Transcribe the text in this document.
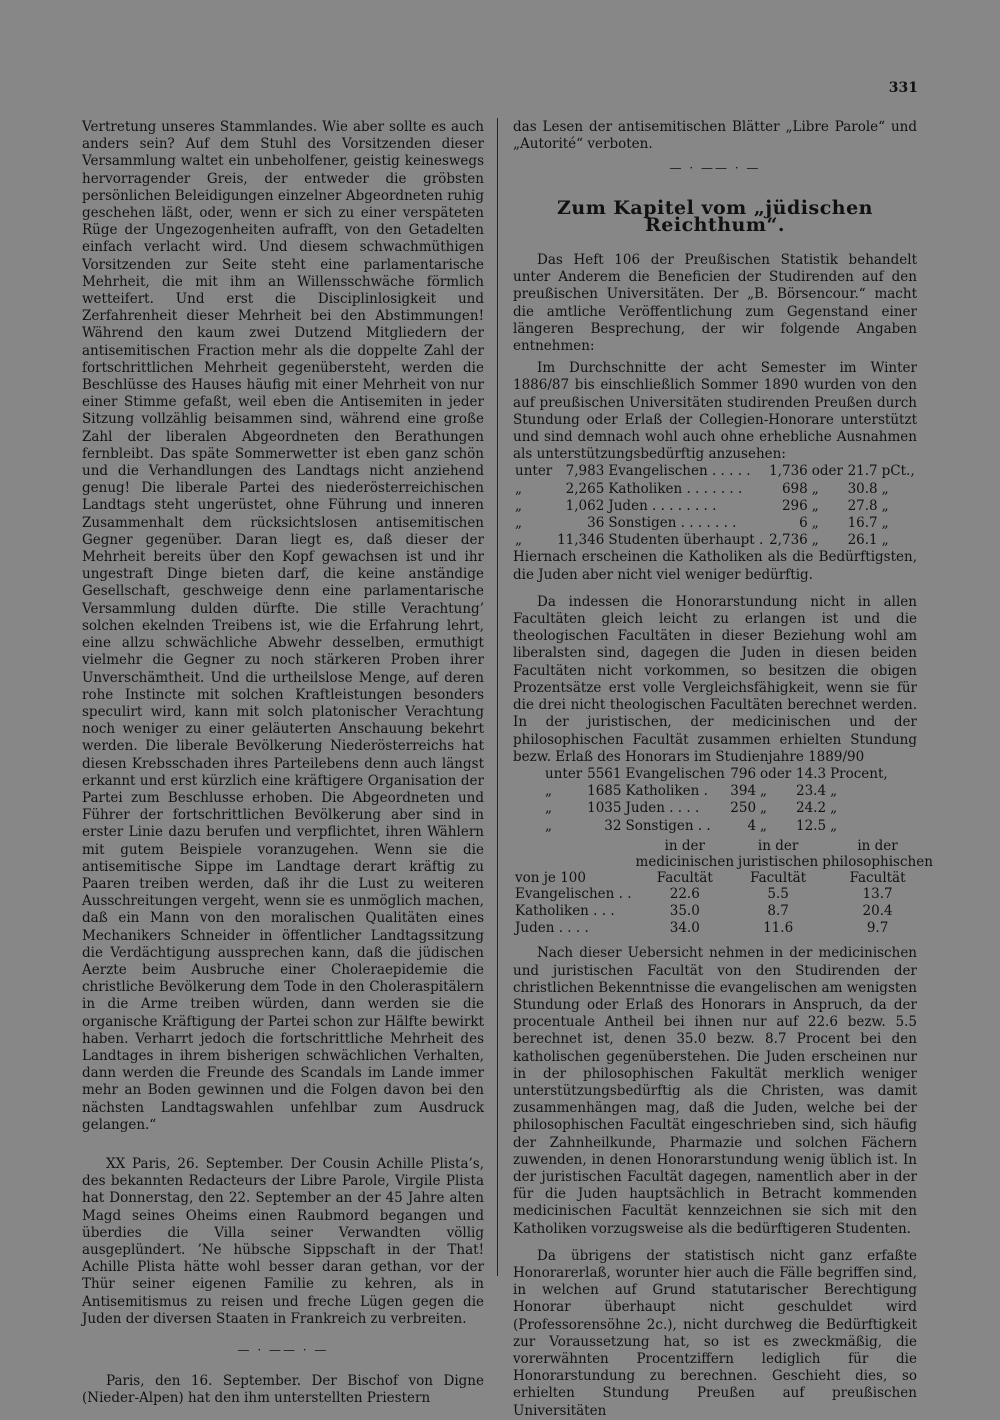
331

Vertretung unseres Stammlandes. Wie aber sollte es auch anders sein? Auf dem Stuhl des Vorsitzenden dieser Versammlung waltet ein unbeholfener, geistig keineswegs hervorragender Greis, der entweder die gröbsten persönlichen Beleidigungen einzelner Abgeordneten ruhig geschehen läßt, oder, wenn er sich zu einer verspäteten Rüge der Ungezogenheiten aufrafft, von den Getadelten einfach verlacht wird. Und diesem schwachmüthigen Vorsitzenden zur Seite steht eine parlamentarische Mehrheit, die mit ihm an Willensschwäche förmlich wetteifert. Und erst die Disciplinlosigkeit und Zerfahrenheit dieser Mehrheit bei den Abstimmungen! Während den kaum zwei Dutzend Mitgliedern der antisemitischen Fraction mehr als die doppelte Zahl der fortschrittlichen Mehrheit gegenübersteht, werden die Beschlüsse des Hauses häufig mit einer Mehrheit von nur einer Stimme gefaßt, weil eben die Antisemiten in jeder Sitzung vollzählig beisammen sind, während eine große Zahl der liberalen Abgeordneten den Berathungen fernbleibt. Das späte Sommerwetter ist eben ganz schön und die Verhandlungen des Landtags nicht anziehend genug! Die liberale Partei des niederösterreichischen Landtags steht ungerüstet, ohne Führung und inneren Zusammenhalt dem rücksichtslosen antisemitischen Gegner gegenüber. Daran liegt es, daß dieser der Mehrheit bereits über den Kopf gewachsen ist und ihr ungestraft Dinge bieten darf, die keine anständige Gesellschaft, geschweige denn eine parlamentarische Versammlung dulden dürfte. Die stille Verachtung’ solchen ekelnden Treibens ist, wie die Erfahrung lehrt, eine allzu schwächliche Abwehr desselben, ermuthigt vielmehr die Gegner zu noch stärkeren Proben ihrer Unverschämtheit. Und die urtheilslose Menge, auf deren rohe Instincte mit solchen Kraftleistungen besonders speculirt wird, kann mit solch platonischer Verachtung noch weniger zu einer geläuterten Anschauung bekehrt werden. Die liberale Bevölkerung Niederösterreichs hat diesen Krebsschaden ihres Parteilebens denn auch längst erkannt und erst kürzlich eine kräftigere Organisation der Partei zum Beschlusse erhoben. Die Abgeordneten und Führer der fortschrittlichen Bevölkerung aber sind in erster Linie dazu berufen und verpflichtet, ihren Wählern mit gutem Beispiele voranzugehen. Wenn sie die antisemitische Sippe im Landtage derart kräftig zu Paaren treiben werden, daß ihr die Lust zu weiteren Ausschreitungen vergeht, wenn sie es unmöglich machen, daß ein Mann von den moralischen Qualitäten eines Mechanikers Schneider in öffentlicher Landtagssitzung die Verdächtigung aussprechen kann, daß die jüdischen Aerzte beim Ausbruche einer Choleraepidemie die christliche Bevölkerung dem Tode in den Choleraspitälern in die Arme treiben würden, dann werden sie die organische Kräftigung der Partei schon zur Hälfte bewirkt haben. Verharrt jedoch die fortschrittliche Mehrheit des Landtages in ihrem bisherigen schwächlichen Verhalten, dann werden die Freunde des Scandals im Lande immer mehr an Boden gewinnen und die Folgen davon bei den nächsten Landtagswahlen unfehlbar zum Ausdruck gelangen.“

XX Paris, 26. September. Der Cousin Achille Plista’s, des bekannten Redacteurs der Libre Parole, Virgile Plista hat Donnerstag, den 22. September an der 45 Jahre alten Magd seines Oheims einen Raubmord begangen und überdies die Villa seiner Verwandten völlig ausgeplündert. ’Ne hübsche Sippschaft in der That! Achille Plista hätte wohl besser daran gethan, vor der Thür seiner eigenen Familie zu kehren, als in Antisemitismus zu reisen und freche Lügen gegen die Juden der diversen Staaten in Frankreich zu verbreiten.

— · —— · —

Paris, den 16. September. Der Bischof von Digne (Nieder-Alpen) hat den ihm unterstellten Priestern

das Lesen der antisemitischen Blätter „Libre Parole“ und „Autorité“ verboten.

— · —— · —
Zum Kapitel vom „jüdischen Reichthum“.

Das Heft 106 der Preußischen Statistik behandelt unter Anderem die Beneficien der Studirenden auf den preußischen Universitäten. Der „B. Börsencour.“ macht die amtliche Veröffentlichung zum Gegenstand einer längeren Besprechung, der wir folgende Angaben entnehmen:

Im Durchschnitte der acht Semester im Winter 1886/87 bis einschließlich Sommer 1890 wurden von den auf preußischen Universitäten studirenden Preußen durch Stundung oder Erlaß der Collegien-Honorare unterstützt und sind demnach wohl auch ohne erhebliche Ausnahmen als unterstützungsbedürftig anzusehen:

unter	7,983	Evangelischen . . . . .	1,736	oder	21.7	pCt.,
„	2,265	Katholiken . . . . . . .	698	„	30.8	„
„	1,062	Juden . . . . . . . .	296	„	27.8	„
„	36	Sonstigen . . . . . . .	6	„	16.7	„
„	11,346	Studenten überhaupt .	2,736	„	26.1	„

Hiernach erscheinen die Katholiken als die Bedürftigsten, die Juden aber nicht viel weniger bedürftig.

Da indessen die Honorarstundung nicht in allen Facultäten gleich leicht zu erlangen ist und die theologischen Facultäten in dieser Beziehung wohl am liberalsten sind, dagegen die Juden in diesen beiden Facultäten nicht vorkommen, so besitzen die obigen Prozentsätze erst volle Vergleichsfähigkeit, wenn sie für die drei nicht theologischen Facultäten berechnet werden. In der juristischen, der medicinischen und der philosophischen Facultät zusammen erhielten Stundung bezw. Erlaß des Honorars im Studienjahre 1889/90

unter	5561	Evangelischen	796	oder	14.3	Procent,
„	1685	Katholiken .	394	„	23.4	„
„	1035	Juden . . . .	250	„	24.2	„
„	32	Sonstigen . .	4	„	12.5	„
von je 100	in der medicinischen Facultät	in der juristischen Facultät	in der philosophischen Facultät
Evangelischen . .	22.6	5.5	13.7
Katholiken . . .	35.0	8.7	20.4
Juden . . . .	34.0	11.6	9.7

Nach dieser Uebersicht nehmen in der medicinischen und juristischen Facultät von den Studirenden der christlichen Bekenntnisse die evangelischen am wenigsten Stundung oder Erlaß des Honorars in Anspruch, da der procentuale Antheil bei ihnen nur auf 22.6 bezw. 5.5 berechnet ist, denen 35.0 bezw. 8.7 Procent bei den katholischen gegenüberstehen. Die Juden erscheinen nur in der philosophischen Fakultät merklich weniger unterstützungsbedürftig als die Christen, was damit zusammenhängen mag, daß die Juden, welche bei der philosophischen Facultät eingeschrieben sind, sich häufig der Zahnheilkunde, Pharmazie und solchen Fächern zuwenden, in denen Honorarstundung wenig üblich ist. In der juristischen Facultät dagegen, namentlich aber in der für die Juden hauptsächlich in Betracht kommenden medicinischen Facultät kennzeichnen sie sich mit den Katholiken vorzugsweise als die bedürftigeren Studenten.

Da übrigens der statistisch nicht ganz erfaßte Honorarerlaß, worunter hier auch die Fälle begriffen sind, in welchen auf Grund statutarischer Berechtigung Honorar überhaupt nicht geschuldet wird (Professorensöhne 2c.), nicht durchweg die Bedürftigkeit zur Voraussetzung hat, so ist es zweckmäßig, die vorerwähnten Procentziffern lediglich für die Honorarstundung zu berechnen. Geschieht dies, so erhielten Stundung Preußen auf preußischen Universitäten
